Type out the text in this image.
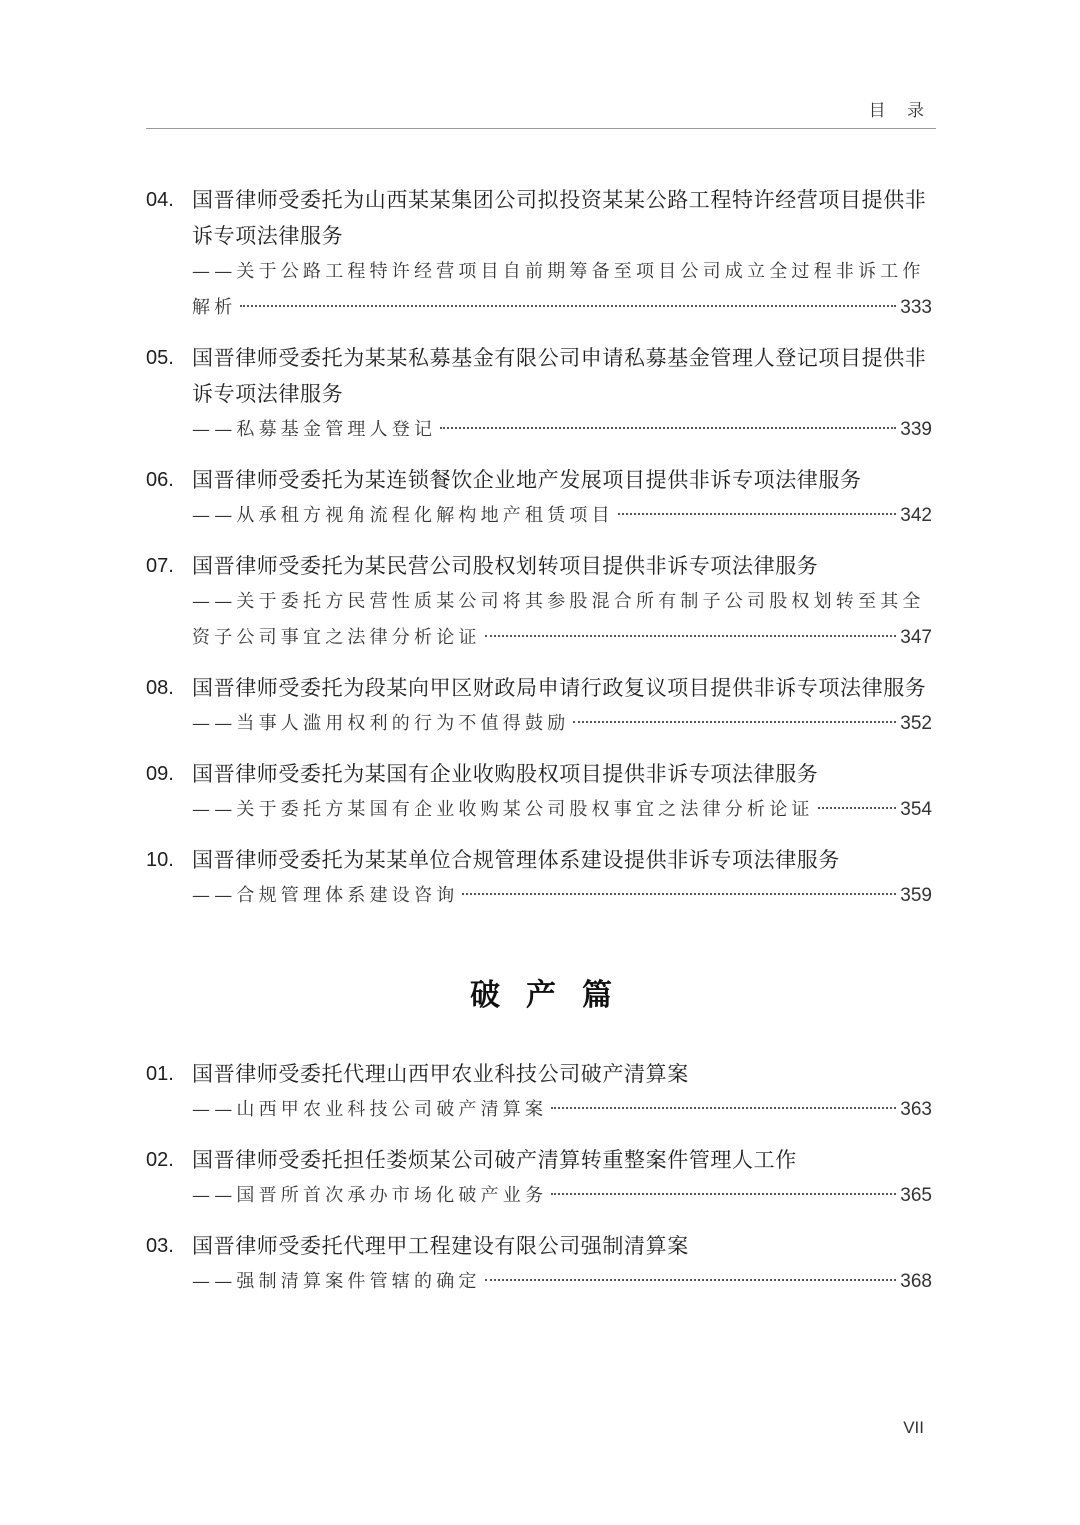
目 录
04. 国晋律师受委托为山西某某集团公司拟投资某某公路工程特许经营项目提供非诉专项法律服务
——关于公路工程特许经营项目自前期筹备至项目公司成立全过程非诉工作
解析	333
05. 国晋律师受委托为某某私募基金有限公司申请私募基金管理人登记项目提供非诉专项法律服务
——私募基金管理人登记	339
06. 国晋律师受委托为某连锁餐饮企业地产发展项目提供非诉专项法律服务
——从承租方视角流程化解构地产租赁项目	342
07. 国晋律师受委托为某民营公司股权划转项目提供非诉专项法律服务
——关于委托方民营性质某公司将其参股混合所有制子公司股权划转至其全
资子公司事宜之法律分析论证	347
08. 国晋律师受委托为段某向甲区财政局申请行政复议项目提供非诉专项法律服务
——当事人滥用权利的行为不值得鼓励	352
09. 国晋律师受委托为某国有企业收购股权项目提供非诉专项法律服务
——关于委托方某国有企业收购某公司股权事宜之法律分析论证	354
10. 国晋律师受委托为某某单位合规管理体系建设提供非诉专项法律服务
——合规管理体系建设咨询	359
破产篇
01. 国晋律师受委托代理山西甲农业科技公司破产清算案
——山西甲农业科技公司破产清算案	363
02. 国晋律师受委托担任娄烦某公司破产清算转重整案件管理人工作
——国晋所首次承办市场化破产业务	365
03. 国晋律师受委托代理甲工程建设有限公司强制清算案
——强制清算案件管辖的确定	368
VII
